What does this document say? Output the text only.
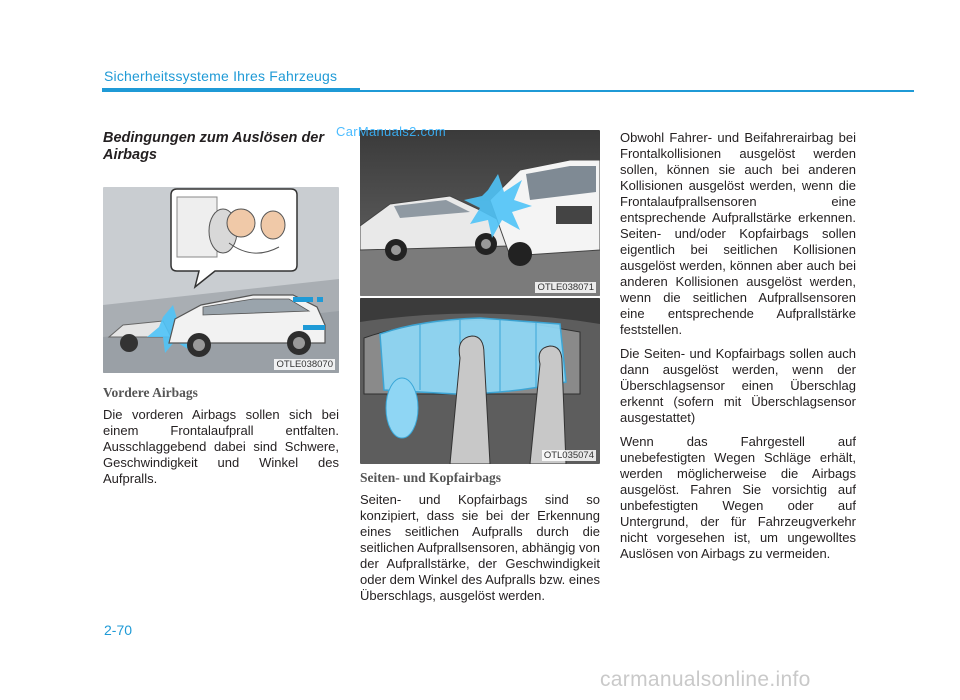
Sicherheitssysteme Ihres Fahrzeugs
Bedingungen zum Auslösen der Airbags
OTLE038070
Vordere Airbags

Die vorderen Airbags sollen sich bei einem Frontalaufprall entfalten. Ausschlaggebend dabei sind Schwere, Geschwindigkeit und Winkel des Aufpralls.

OTLE038071
OTL035074
Seiten- und Kopfairbags

Seiten- und Kopfairbags sind so konzipiert, dass sie bei der Erkennung eines seitlichen Aufpralls durch die seitlichen Aufprallsensoren, abhängig von der Aufprallstärke, der Geschwindigkeit oder dem Winkel des Aufpralls bzw. eines Überschlags, ausgelöst werden.

Obwohl Fahrer- und Beifahrerairbag bei Frontalkollisionen ausgelöst werden sollen, können sie auch bei anderen Kollisionen ausgelöst werden, wenn die Frontalaufprallsensoren eine entsprechende Aufprallstärke erkennen. Seiten- und/oder Kopfairbags sollen eigentlich bei seitlichen Kollisionen ausgelöst werden, können aber auch bei anderen Kollisionen ausgelöst werden, wenn die seitlichen Aufprallsensoren eine entsprechende Aufprallstärke feststellen.

Die Seiten- und Kopfairbags sollen auch dann ausgelöst werden, wenn der Überschlagsensor einen Überschlag erkennt (sofern mit Überschlagsensor ausgestattet)

Wenn das Fahrgestell auf unebefestigten Wegen Schläge erhält, werden möglicherweise die Airbags ausgelöst. Fahren Sie vorsichtig auf unbefestigten Wegen oder auf Untergrund, der für Fahrzeugverkehr nicht vorgesehen ist, um ungewolltes Auslösen von Airbags zu vermeiden.

CarManuals2.com
2-70
carmanualsonline.info
